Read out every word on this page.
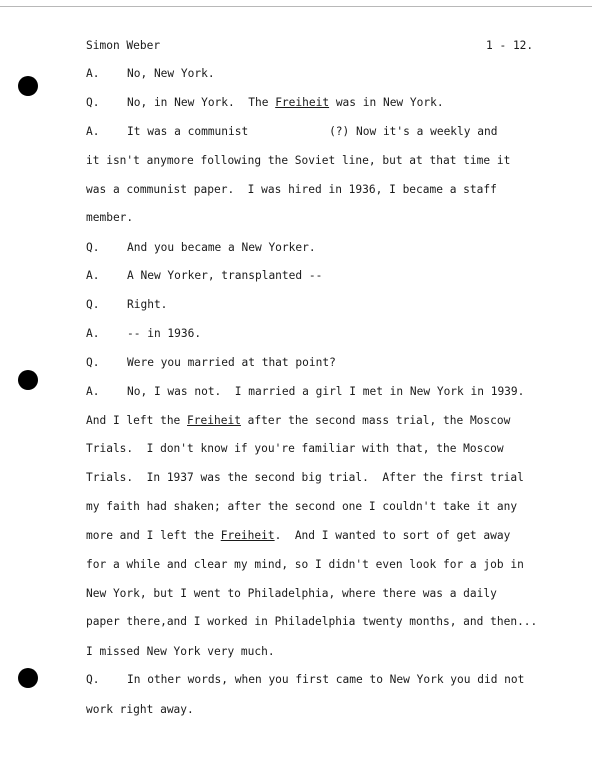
Simon Weber	1 - 12.
A. No, New York.
Q. No, in New York.  The Freiheit was in New York.
A. It was a communist            (?) Now it's a weekly and
it isn't anymore following the Soviet line, but at that time it
was a communist paper.  I was hired in 1936, I became a staff
member.
Q. And you became a New Yorker.
A. A New Yorker, transplanted --
Q. Right.
A. -- in 1936.
Q. Were you married at that point?
A. No, I was not.  I married a girl I met in New York in 1939.
And I left the Freiheit after the second mass trial, the Moscow
Trials.  I don't know if you're familiar with that, the Moscow
Trials.  In 1937 was the second big trial.  After the first trial
my faith had shaken; after the second one I couldn't take it any
more and I left the Freiheit.  And I wanted to sort of get away
for a while and clear my mind, so I didn't even look for a job in
New York, but I went to Philadelphia, where there was a daily
paper there,and I worked in Philadelphia twenty months, and then...
I missed New York very much.
Q. In other words, when you first came to New York you did not
work right away.
